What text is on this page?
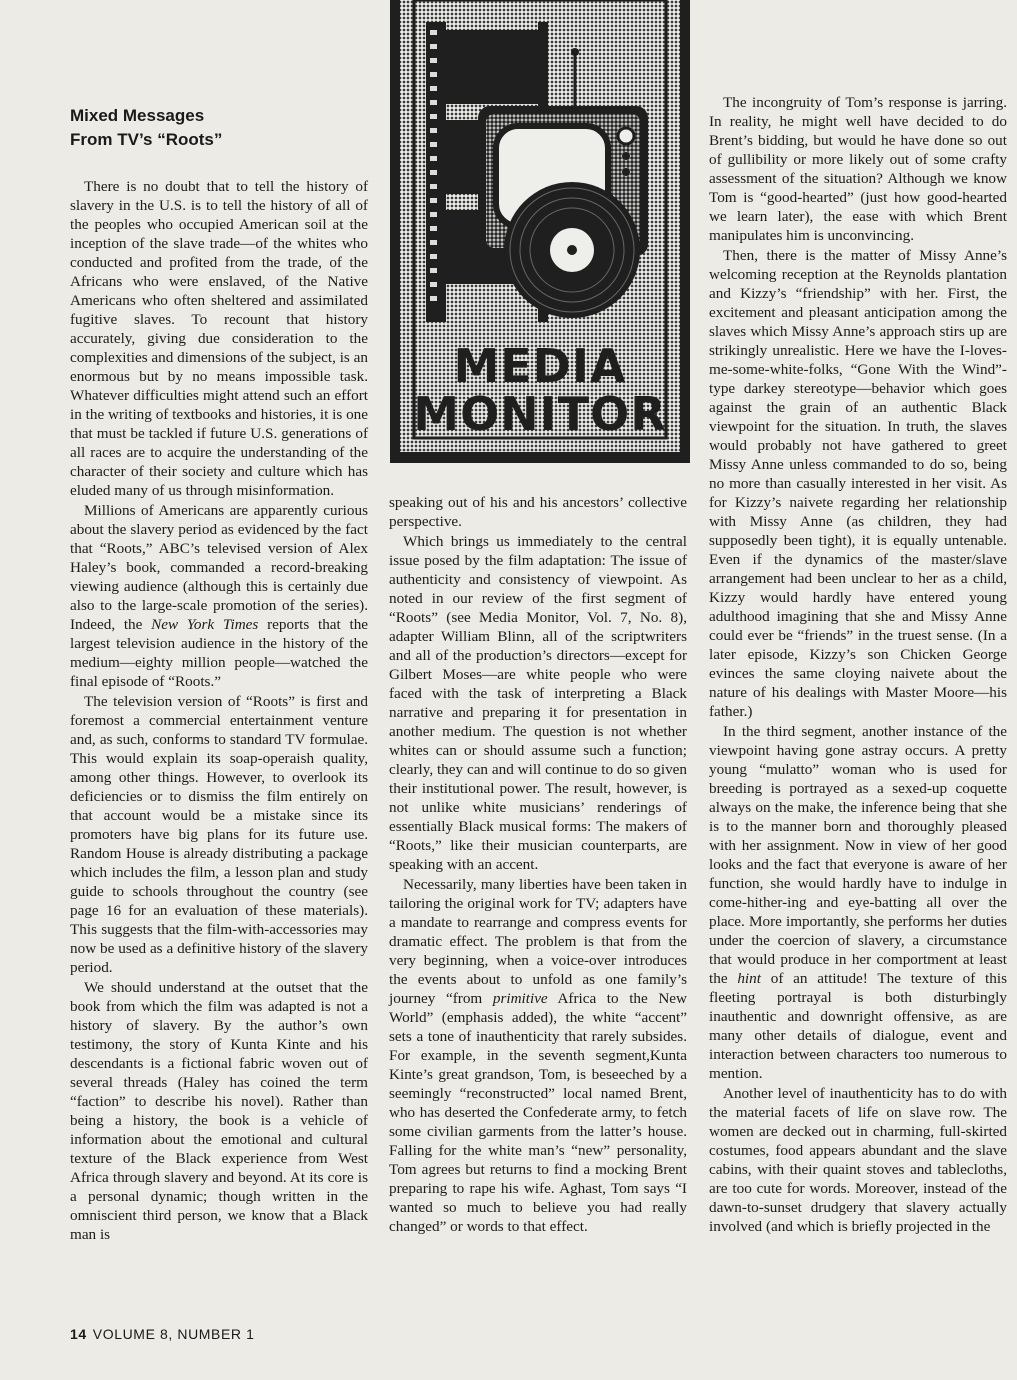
Mixed Messages
From TV’s “Roots”
MEDIA
MONITOR

There is no doubt that to tell the history of slavery in the U.S. is to tell the history of all of the peoples who occupied American soil at the inception of the slave trade—of the whites who conducted and profited from the trade, of the Africans who were enslaved, of the Native Americans who often sheltered and assimilated fugitive slaves. To recount that history accurately, giving due consideration to the complexities and dimensions of the subject, is an enormous but by no means impossible task. Whatever difficulties might attend such an effort in the writing of textbooks and histories, it is one that must be tackled if future U.S. generations of all races are to acquire the understanding of the character of their society and culture which has eluded many of us through misinformation.

Millions of Americans are apparently curious about the slavery period as evidenced by the fact that “Roots,” ABC’s televised version of Alex Haley’s book, commanded a record-breaking viewing audience (although this is certainly due also to the large-scale promotion of the series). Indeed, the New York Times reports that the largest television audience in the history of the medium—eighty million people—watched the final episode of “Roots.”

The television version of “Roots” is first and foremost a commercial entertainment venture and, as such, conforms to standard TV formulae. This would explain its soap-operaish quality, among other things. However, to overlook its deficiencies or to dismiss the film entirely on that account would be a mistake since its promoters have big plans for its future use. Random House is already distributing a package which includes the film, a lesson plan and study guide to schools throughout the country (see page 16 for an evaluation of these materials). This suggests that the film-with-accessories may now be used as a definitive history of the slavery period.

We should understand at the outset that the book from which the film was adapted is not a history of slavery. By the author’s own testimony, the story of Kunta Kinte and his descendants is a fictional fabric woven out of several threads (Haley has coined the term “faction” to describe his novel). Rather than being a history, the book is a vehicle of information about the emotional and cultural texture of the Black experience from West Africa through slavery and beyond. At its core is a personal dynamic; though written in the omniscient third person, we know that a Black man is

speaking out of his and his ancestors’ collective perspective.

Which brings us immediately to the central issue posed by the film adaptation: The issue of authenticity and consistency of viewpoint. As noted in our review of the first segment of “Roots” (see Media Monitor, Vol. 7, No. 8), adapter William Blinn, all of the scriptwriters and all of the production’s directors—except for Gilbert Moses—are white people who were faced with the task of interpreting a Black narrative and preparing it for presentation in another medium. The question is not whether whites can or should assume such a function; clearly, they can and will continue to do so given their institutional power. The result, however, is not unlike white musicians’ renderings of essentially Black musical forms: The makers of “Roots,” like their musician counterparts, are speaking with an accent.

Necessarily, many liberties have been taken in tailoring the original work for TV; adapters have a mandate to rearrange and compress events for dramatic effect. The problem is that from the very beginning, when a voice-over introduces the events about to unfold as one family’s journey “from primitive Africa to the New World” (emphasis added), the white “accent” sets a tone of inauthenticity that rarely subsides. For example, in the seventh segment,Kunta Kinte’s great grandson, Tom, is beseeched by a seemingly “reconstructed” local named Brent, who has deserted the Confederate army, to fetch some civilian garments from the latter’s house. Falling for the white man’s “new” personality, Tom agrees but returns to find a mocking Brent preparing to rape his wife. Aghast, Tom says “I wanted so much to believe you had really changed” or words to that effect.

The incongruity of Tom’s response is jarring. In reality, he might well have decided to do Brent’s bidding, but would he have done so out of gullibility or more likely out of some crafty assessment of the situation? Although we know Tom is “good-hearted” (just how good-hearted we learn later), the ease with which Brent manipulates him is unconvincing.

Then, there is the matter of Missy Anne’s welcoming reception at the Reynolds plantation and Kizzy’s “friendship” with her. First, the excitement and pleasant anticipation among the slaves which Missy Anne’s approach stirs up are strikingly unrealistic. Here we have the I-loves-me-some-white-folks, “Gone With the Wind”-type darkey stereotype—behavior which goes against the grain of an authentic Black viewpoint for the situation. In truth, the slaves would probably not have gathered to greet Missy Anne unless commanded to do so, being no more than casually interested in her visit. As for Kizzy’s naivete regarding her relationship with Missy Anne (as children, they had supposedly been tight), it is equally untenable. Even if the dynamics of the master/slave arrangement had been unclear to her as a child, Kizzy would hardly have entered young adulthood imagining that she and Missy Anne could ever be “friends” in the truest sense. (In a later episode, Kizzy’s son Chicken George evinces the same cloying naivete about the nature of his dealings with Master Moore—his father.)

In the third segment, another instance of the viewpoint having gone astray occurs. A pretty young “mulatto” woman who is used for breeding is portrayed as a sexed-up coquette always on the make, the inference being that she is to the manner born and thoroughly pleased with her assignment. Now in view of her good looks and the fact that everyone is aware of her function, she would hardly have to indulge in come-hither-ing and eye-batting all over the place. More importantly, she performs her duties under the coercion of slavery, a circumstance that would produce in her comportment at least the hint of an attitude! The texture of this fleeting portrayal is both disturbingly inauthentic and downright offensive, as are many other details of dialogue, event and interaction between characters too numerous to mention.

Another level of inauthenticity has to do with the material facets of life on slave row. The women are decked out in charming, full-skirted costumes, food appears abundant and the slave cabins, with their quaint stoves and tablecloths, are too cute for words. Moreover, instead of the dawn-to-sunset drudgery that slavery actually involved (and which is briefly projected in the

14 VOLUME 8, NUMBER 1
